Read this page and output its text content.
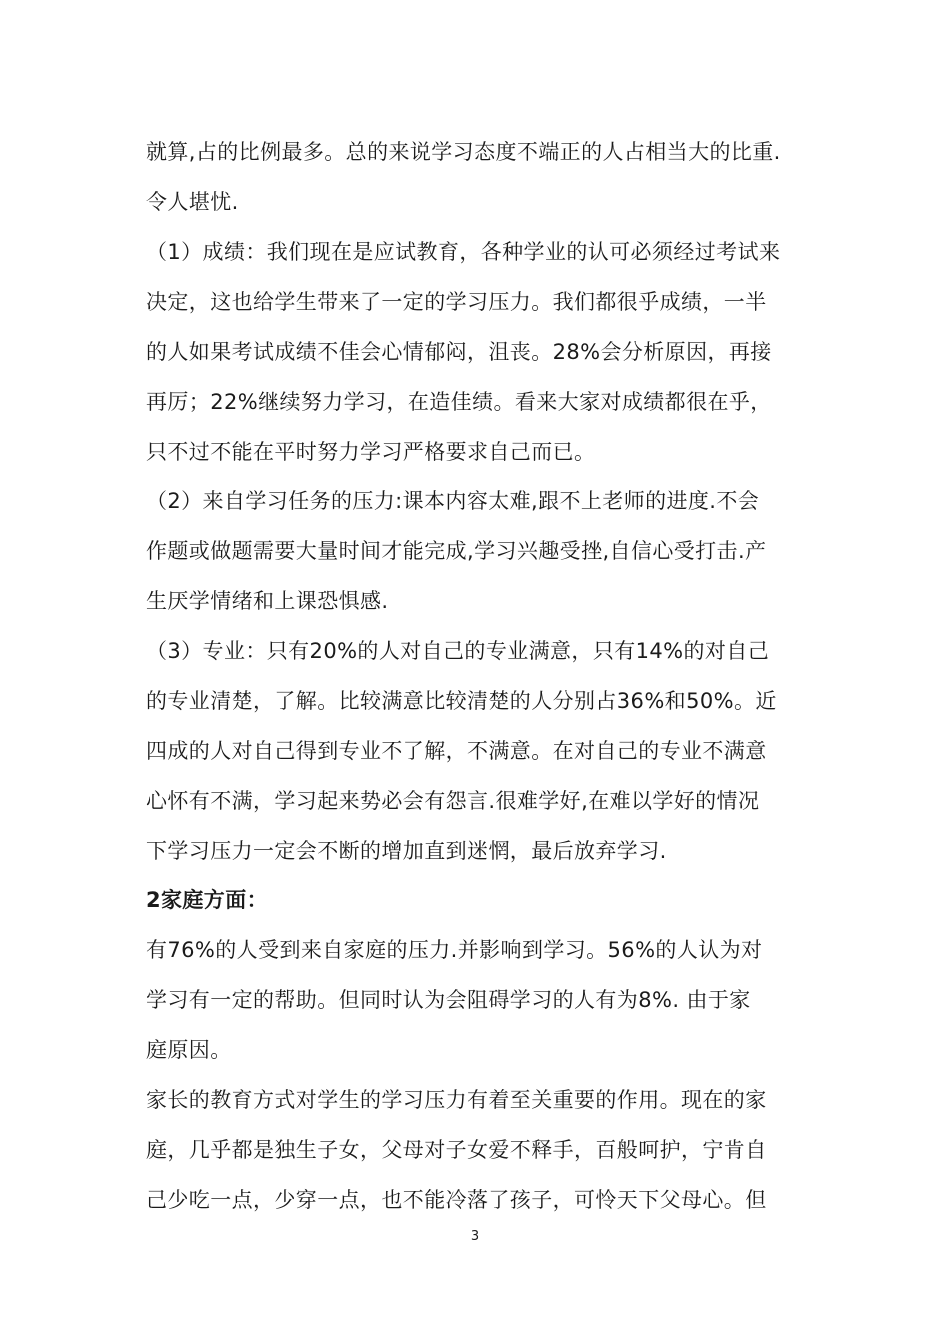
就算,占的比例最多。总的来说学习态度不端正的人占相当大的比重.
令人堪忧.
（1）成绩：我们现在是应试教育，各种学业的认可必须经过考试来
决定，这也给学生带来了一定的学习压力。我们都很乎成绩，一半
的人如果考试成绩不佳会心情郁闷，沮丧。28%会分析原因，再接
再厉；22%继续努力学习，在造佳绩。看来大家对成绩都很在乎，
只不过不能在平时努力学习严格要求自己而已。
（2）来自学习任务的压力:课本内容太难,跟不上老师的进度.不会
作题或做题需要大量时间才能完成,学习兴趣受挫,自信心受打击.产
生厌学情绪和上课恐惧感.
（3）专业：只有20%的人对自己的专业满意，只有14%的对自己
的专业清楚，了解。比较满意比较清楚的人分别占36%和50%。近
四成的人对自己得到专业不了解，不满意。在对自己的专业不满意
心怀有不满，学习起来势必会有怨言.很难学好,在难以学好的情况
下学习压力一定会不断的增加直到迷惘，最后放弃学习.
2家庭方面：
有76%的人受到来自家庭的压力.并影响到学习。56%的人认为对
学习有一定的帮助。但同时认为会阻碍学习的人有为8%. 由于家
庭原因。
家长的教育方式对学生的学习压力有着至关重要的作用。现在的家
庭，几乎都是独生子女，父母对子女爱不释手，百般呵护，宁肯自
己少吃一点，少穿一点，也不能冷落了孩子，可怜天下父母心。但
3
